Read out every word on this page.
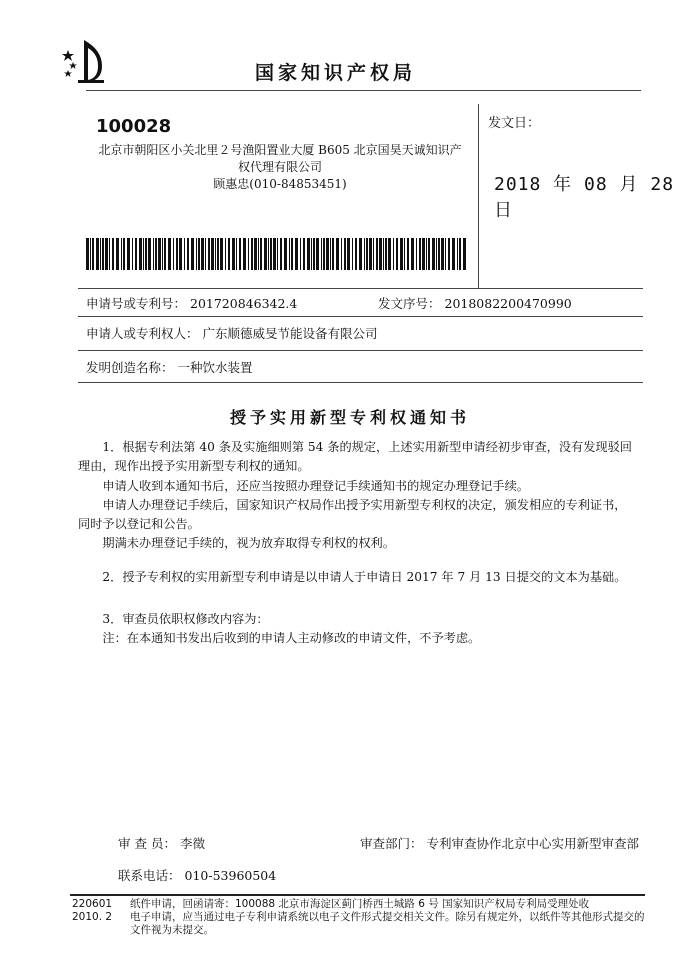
国家知识产权局
100028
北京市朝阳区小关北里２号渔阳置业大厦 B605 北京国昊天诚知识产
权代理有限公司
顾惠忠(010-84853451)
发文日：
2018 年 08 月 28 日
申请号或专利号： 201720846342.4	发文序号： 2018082200470990
申请人或专利权人： 广东顺德威旻节能设备有限公司
发明创造名称： 一种饮水装置
授予实用新型专利权通知书
1．根据专利法第 40 条及实施细则第 54 条的规定，上述实用新型申请经初步审查，没有发现驳回理由，现作出授予实用新型专利权的通知。
申请人收到本通知书后，还应当按照办理登记手续通知书的规定办理登记手续。
申请人办理登记手续后，国家知识产权局作出授予实用新型专利权的决定，颁发相应的专利证书，同时予以登记和公告。
期满未办理登记手续的，视为放弃取得专利权的权利。
2．授予专利权的实用新型专利申请是以申请人于申请日 2017 年 7 月 13 日提交的文本为基础。
3．审查员依职权修改内容为：
注：在本通知书发出后收到的申请人主动修改的申请文件，不予考虑。
审 查 员： 李徵	审查部门： 专利审查协作北京中心实用新型审查部
联系电话： 010-53960504
220601
2010. 2
纸件申请，回函请寄：100088 北京市海淀区蓟门桥西土城路 6 号 国家知识产权局专利局受理处收
电子申请，应当通过电子专利申请系统以电子文件形式提交相关文件。除另有规定外，以纸件等其他形式提交的
文件视为未提交。
